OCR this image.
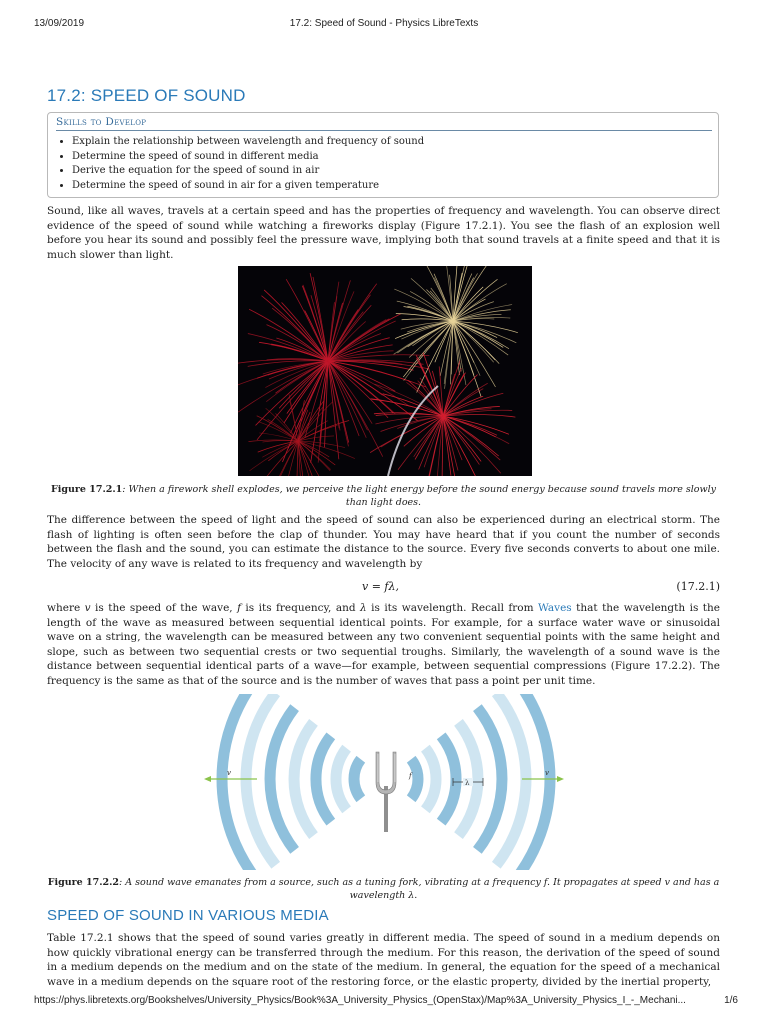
13/09/2019	17.2: Speed of Sound - Physics LibreTexts
17.2: SPEED OF SOUND
Skills to Develop
• Explain the relationship between wavelength and frequency of sound
• Determine the speed of sound in different media
• Derive the equation for the speed of sound in air
• Determine the speed of sound in air for a given temperature

Sound, like all waves, travels at a certain speed and has the properties of frequency and wavelength. You can observe direct evidence of the speed of sound while watching a fireworks display (Figure 17.2.1). You see the flash of an explosion well before you hear its sound and possibly feel the pressure wave, implying both that sound travels at a finite speed and that it is much slower than light.

Figure 17.2.1: When a firework shell explodes, we perceive the light energy before the sound energy because sound travels more slowly than light does.

The difference between the speed of light and the speed of sound can also be experienced during an electrical storm. The flash of lighting is often seen before the clap of thunder. You may have heard that if you count the number of seconds between the flash and the sound, you can estimate the distance to the source. Every five seconds converts to about one mile. The velocity of any wave is related to its frequency and wavelength by

v = fλ,	(17.2.1)

where v is the speed of the wave, f is its frequency, and λ is its wavelength. Recall from Waves that the wavelength is the length of the wave as measured between sequential identical points. For example, for a surface water wave or sinusoidal wave on a string, the wavelength can be measured between any two convenient sequential points with the same height and slope, such as between two sequential crests or two sequential troughs. Similarly, the wavelength of a sound wave is the distance between sequential identical parts of a wave—for example, between sequential compressions (Figure 17.2.2). The frequency is the same as that of the source and is the number of waves that pass a point per unit time.

v	v
λ
f

Figure 17.2.2: A sound wave emanates from a source, such as a tuning fork, vibrating at a frequency f. It propagates at speed v and has a wavelength λ.

SPEED OF SOUND IN VARIOUS MEDIA

Table 17.2.1 shows that the speed of sound varies greatly in different media. The speed of sound in a medium depends on how quickly vibrational energy can be transferred through the medium. For this reason, the derivation of the speed of sound in a medium depends on the medium and on the state of the medium. In general, the equation for the speed of a mechanical wave in a medium depends on the square root of the restoring force, or the elastic property, divided by the inertial property,

https://phys.libretexts.org/Bookshelves/University_Physics/Book%3A_University_Physics_(OpenStax)/Map%3A_University_Physics_I_-_Mechani...	1/6
